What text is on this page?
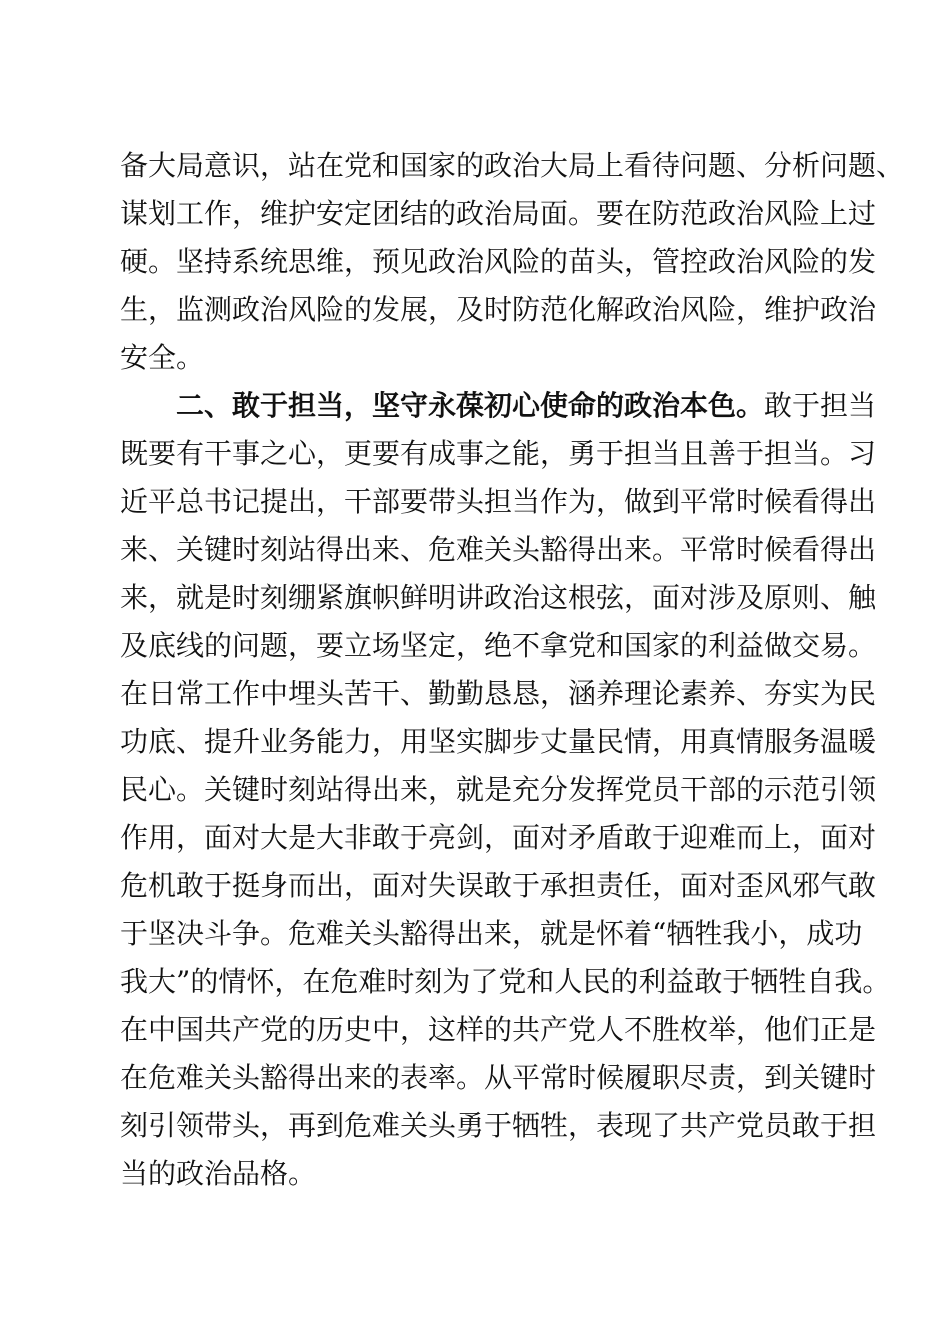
备大局意识，站在党和国家的政治大局上看待问题、分析问题、
谋划工作，维护安定团结的政治局面。要在防范政治风险上过
硬。坚持系统思维，预见政治风险的苗头，管控政治风险的发
生，监测政治风险的发展，及时防范化解政治风险，维护政治
安全。
二、敢于担当，坚守永葆初心使命的政治本色。敢于担当
既要有干事之心，更要有成事之能，勇于担当且善于担当。习
近平总书记提出，干部要带头担当作为，做到平常时候看得出
来、关键时刻站得出来、危难关头豁得出来。平常时候看得出
来，就是时刻绷紧旗帜鲜明讲政治这根弦，面对涉及原则、触
及底线的问题，要立场坚定，绝不拿党和国家的利益做交易。
在日常工作中埋头苦干、勤勤恳恳，涵养理论素养、夯实为民
功底、提升业务能力，用坚实脚步丈量民情，用真情服务温暖
民心。关键时刻站得出来，就是充分发挥党员干部的示范引领
作用，面对大是大非敢于亮剑，面对矛盾敢于迎难而上，面对
危机敢于挺身而出，面对失误敢于承担责任，面对歪风邪气敢
于坚决斗争。危难关头豁得出来，就是怀着“牺牲我小，成功
我大”的情怀，在危难时刻为了党和人民的利益敢于牺牲自我。
在中国共产党的历史中，这样的共产党人不胜枚举，他们正是
在危难关头豁得出来的表率。从平常时候履职尽责，到关键时
刻引领带头，再到危难关头勇于牺牲，表现了共产党员敢于担
当的政治品格。
